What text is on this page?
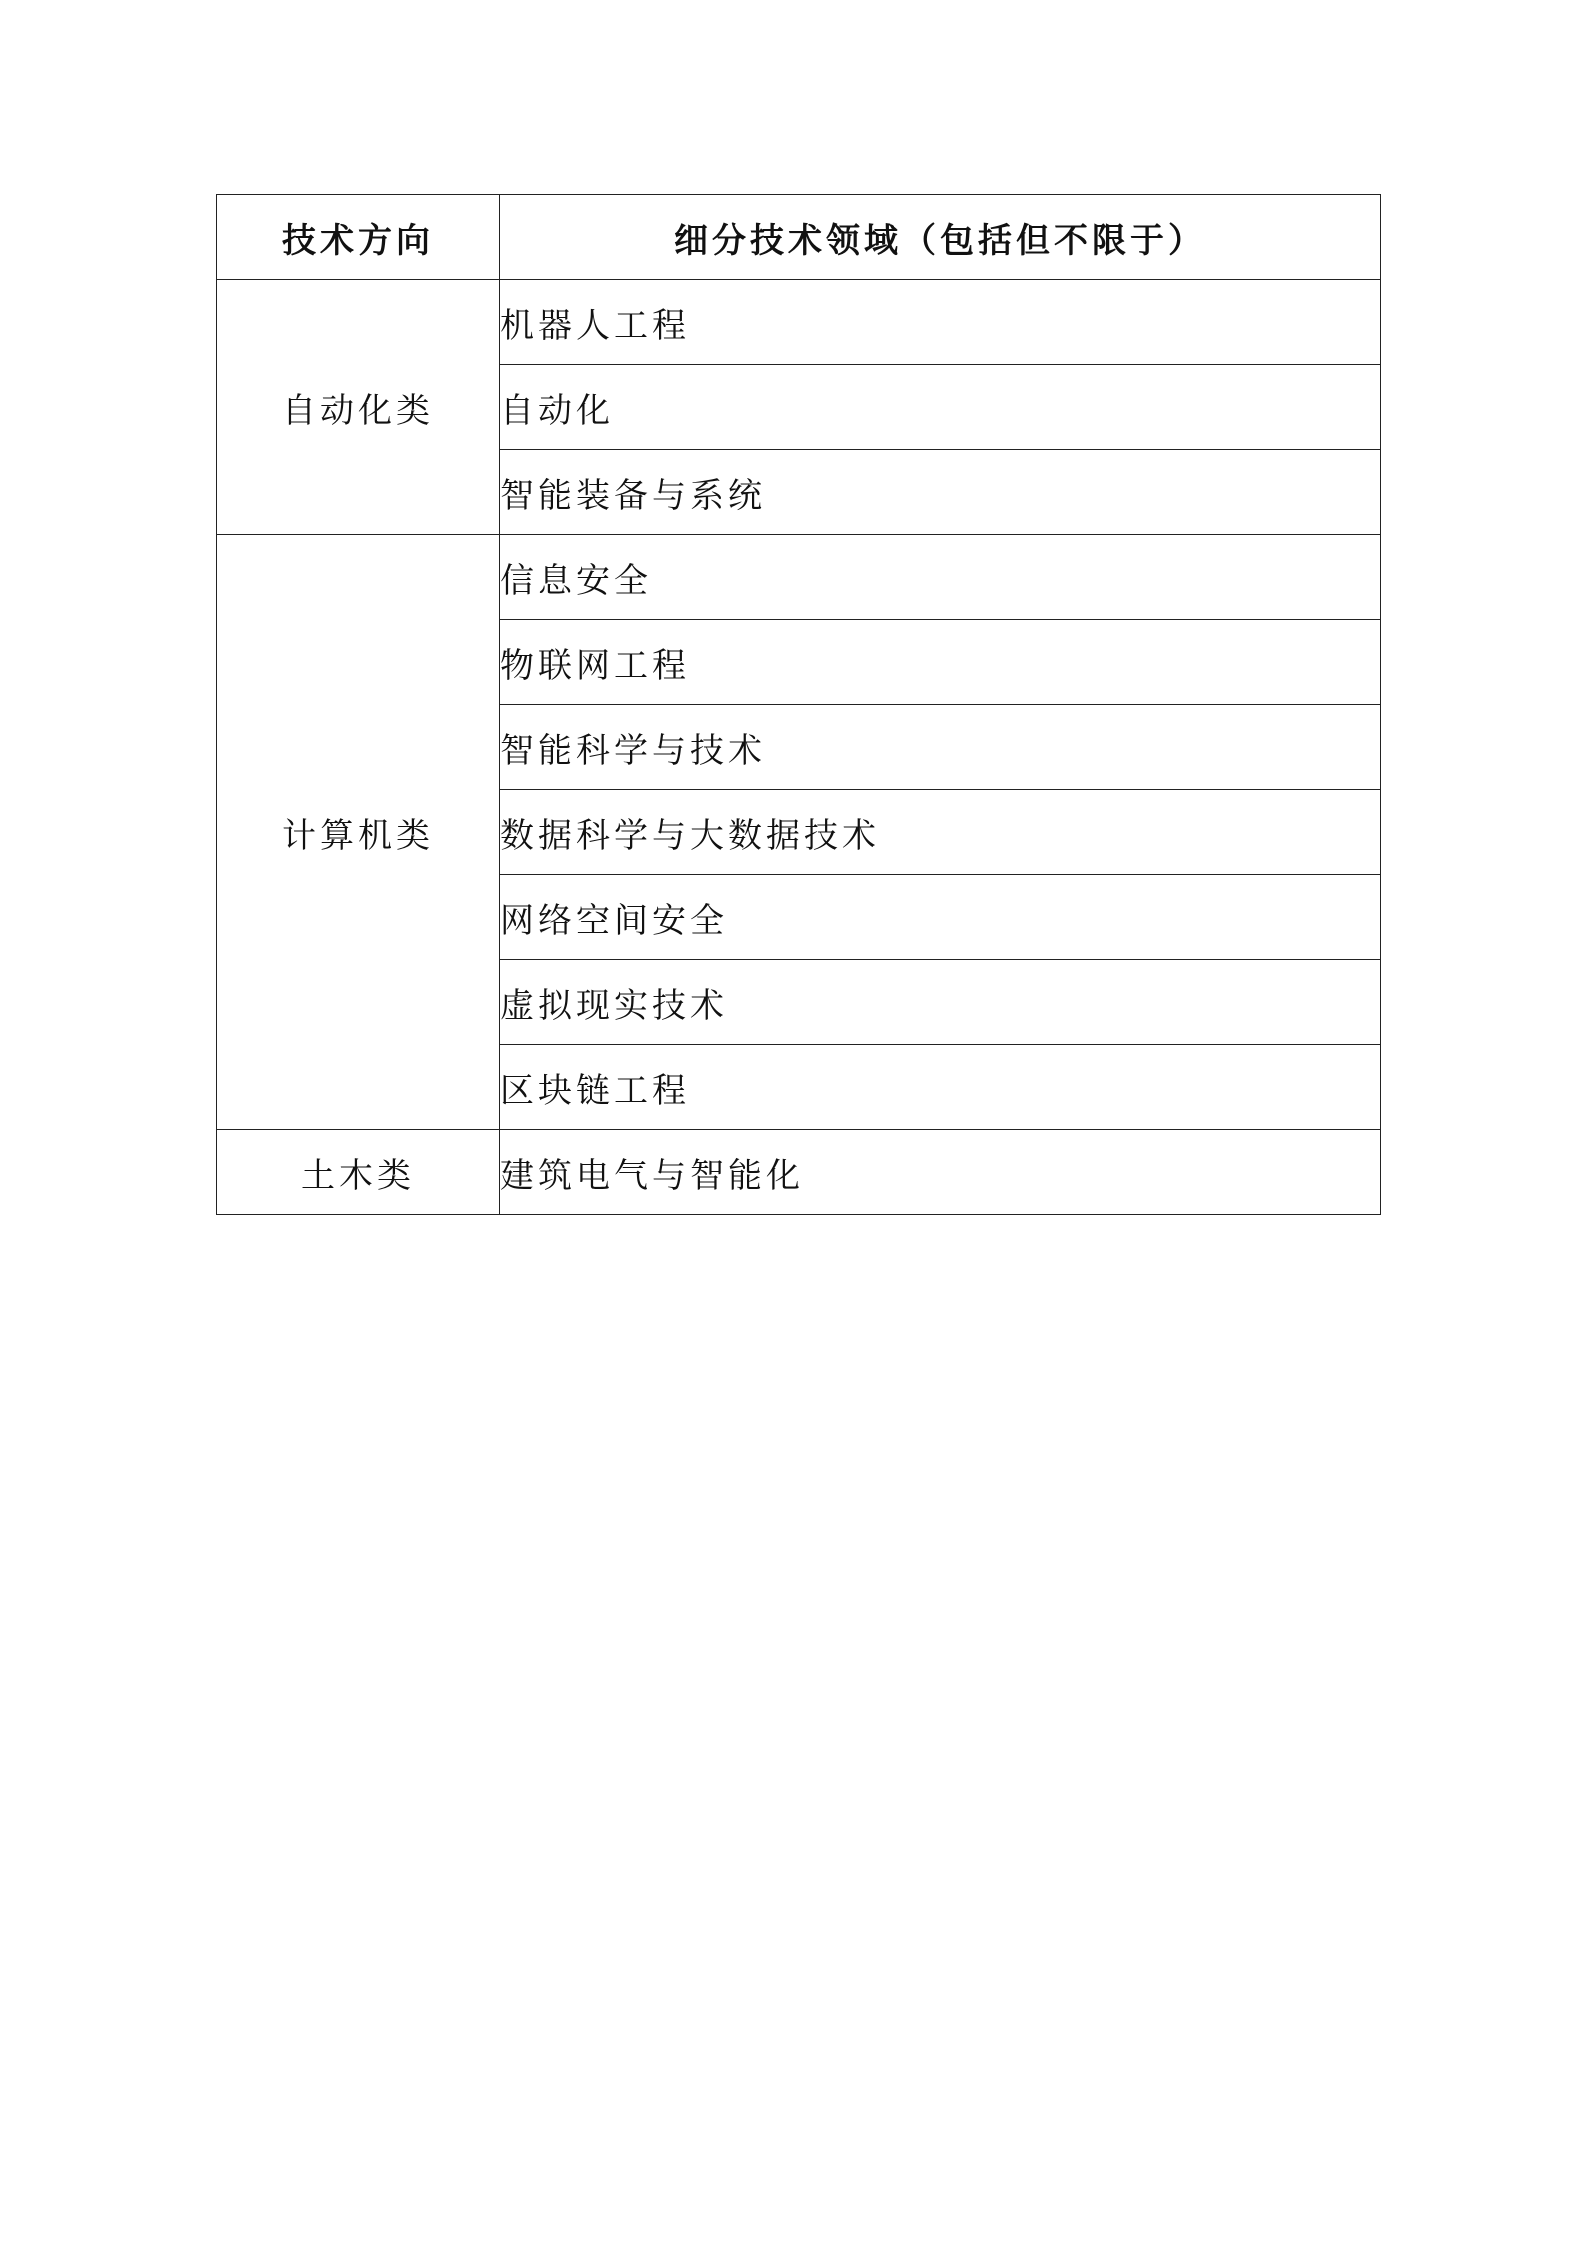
技术方向	细分技术领域（包括但不限于）
自动化类	机器人工程
	自动化
	智能装备与系统
计算机类	信息安全
	物联网工程
	智能科学与技术
	数据科学与大数据技术
	网络空间安全
	虚拟现实技术
	区块链工程
土木类	建筑电气与智能化
